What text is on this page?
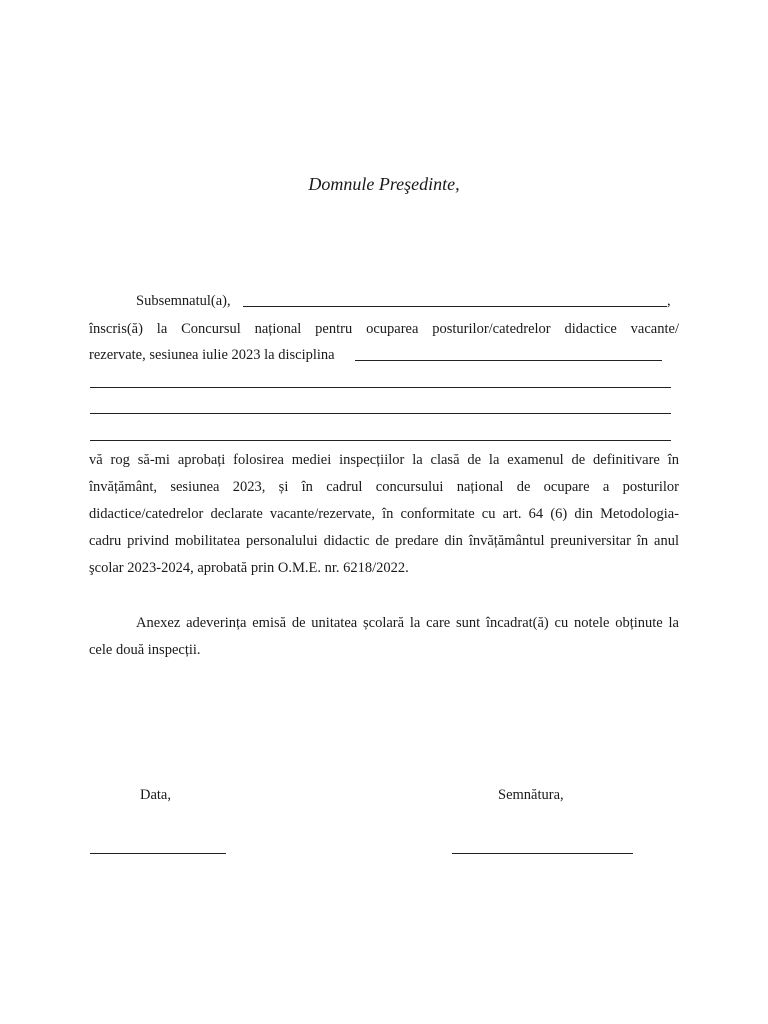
Domnule Preşedinte,
Subsemnatul(a),	,
înscris(ă) la Concursul național pentru ocuparea posturilor/catedrelor didactice vacante/
rezervate, sesiunea iulie 2023 la disciplina
vă rog să-mi aprobați folosirea mediei inspecțiilor la clasă de la examenul de definitivare în
învățământ, sesiunea 2023, și în cadrul concursului național de ocupare a posturilor
didactice/catedrelor declarate vacante/rezervate, în conformitate cu art. 64 (6) din Metodologia-
cadru privind mobilitatea personalului didactic de predare din învățământul preuniversitar în anul
şcolar 2023-2024, aprobată prin O.M.E. nr. 6218/2022.
Anexez adeverința emisă de unitatea școlară la care sunt încadrat(ă) cu notele obținute la
cele două inspecții.
Data,	Semnătura,
